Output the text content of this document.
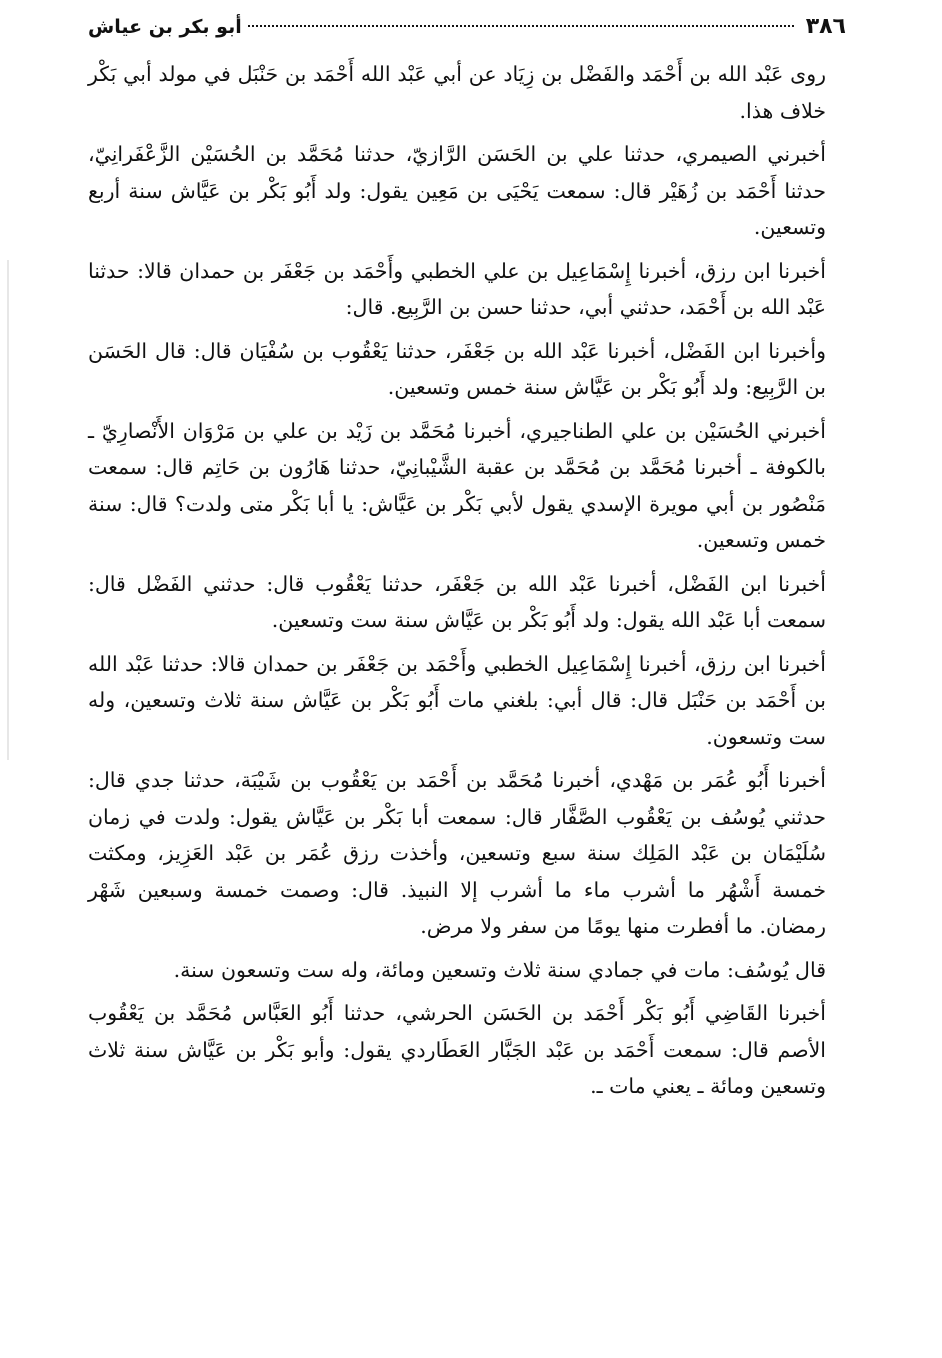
٣٨٦
أبو بكر بن عياش

روى عَبْد الله بن أَحْمَد والفَضْل بن زِيَاد عن أبي عَبْد الله أَحْمَد بن حَنْبَل في مولد أبي بَكْر خلاف هذا.

أخبرني الصيمري، حدثنا علي بن الحَسَن الرَّازيّ، حدثنا مُحَمَّد بن الحُسَيْن الزَّعْفَرانِيّ، حدثنا أَحْمَد بن زُهَيْر قال: سمعت يَحْيَى بن مَعِين يقول: ولد أَبُو بَكْر بن عَيَّاش سنة أربع وتسعين.

أخبرنا ابن رزق، أخبرنا إِسْمَاعِيل بن علي الخطبي وأَحْمَد بن جَعْفَر بن حمدان قالا: حدثنا عَبْد الله بن أَحْمَد، حدثني أبي، حدثنا حسن بن الرَّبِيع. قال:

وأخبرنا ابن الفَضْل، أخبرنا عَبْد الله بن جَعْفَر، حدثنا يَعْقُوب بن سُفْيَان قال: قال الحَسَن بن الرَّبِيع: ولد أَبُو بَكْر بن عَيَّاش سنة خمس وتسعين.

أخبرني الحُسَيْن بن علي الطناجيري، أخبرنا مُحَمَّد بن زَيْد بن علي بن مَرْوَان الأَنْصارِيّ ـ بالكوفة ـ أخبرنا مُحَمَّد بن مُحَمَّد بن عقبة الشَّيْبانِيّ، حدثنا هَارُون بن حَاتِم قال: سمعت مَنْصُور بن أبي مويرة الإسدي يقول لأبي بَكْر بن عَيَّاش: يا أبا بَكْر متى ولدت؟ قال: سنة خمس وتسعين.

أخبرنا ابن الفَضْل، أخبرنا عَبْد الله بن جَعْفَر، حدثنا يَعْقُوب قال: حدثني الفَضْل قال: سمعت أبا عَبْد الله يقول: ولد أَبُو بَكْر بن عَيَّاش سنة ست وتسعين.

أخبرنا ابن رزق، أخبرنا إِسْمَاعِيل الخطبي وأَحْمَد بن جَعْفَر بن حمدان قالا: حدثنا عَبْد الله بن أَحْمَد بن حَنْبَل قال: قال أبي: بلغني مات أَبُو بَكْر بن عَيَّاش سنة ثلاث وتسعين، وله ست وتسعون.

أخبرنا أَبُو عُمَر بن مَهْدي، أخبرنا مُحَمَّد بن أَحْمَد بن يَعْقُوب بن شَيْبَة، حدثنا جدي قال: حدثني يُوسُف بن يَعْقُوب الصَّفَّار قال: سمعت أبا بَكْر بن عَيَّاش يقول: ولدت في زمان سُلَيْمَان بن عَبْد المَلِك سنة سبع وتسعين، وأخذت رزق عُمَر بن عَبْد العَزِيز، ومكثت خمسة أَشْهُر ما أشرب ماء ما أشرب إلا النبيذ. قال: وصمت خمسة وسبعين شَهْر رمضان. ما أفطرت منها يومًا من سفر ولا مرض.

قال يُوسُف: مات في جمادي سنة ثلاث وتسعين ومائة، وله ست وتسعون سنة.

أخبرنا القَاضِي أَبُو بَكْر أَحْمَد بن الحَسَن الحرشي، حدثنا أَبُو العَبَّاس مُحَمَّد بن يَعْقُوب الأصم قال: سمعت أَحْمَد بن عَبْد الجَبَّار العَطَاردي يقول: وأبو بَكْر بن عَيَّاش سنة ثلاث وتسعين ومائة ـ يعني مات ـ.
